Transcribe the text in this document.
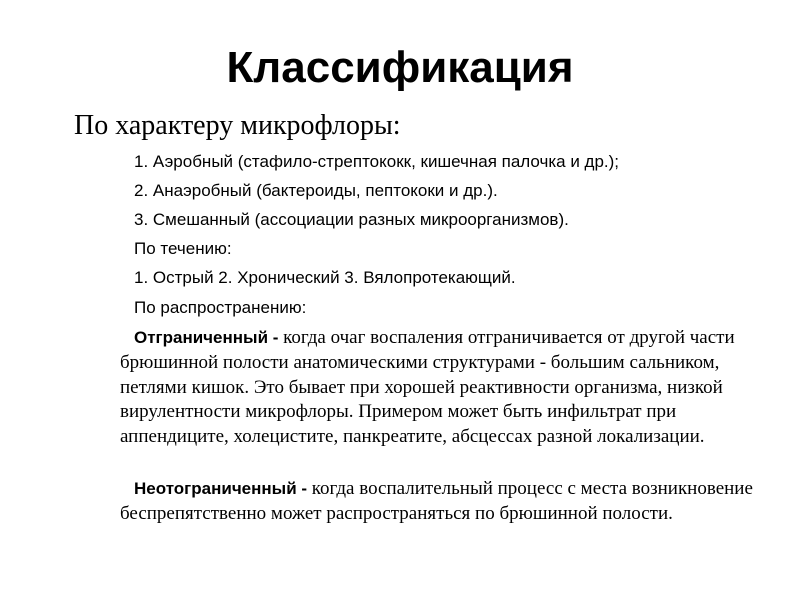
Классификация
По характеру микрофлоры:
1. Аэробный (стафило-стрептококк, кишечная палочка и др.);
2. Анаэробный (бактероиды, пептококи и др.).
3. Смешанный (ассоциации разных микроорганизмов).
По течению:
1. Острый 2. Хронический 3. Вялопротекающий.
По распространению:
Отграниченный - когда очаг воспаления отграничивается от другой части брюшинной полости анатомическими структурами - большим сальником, петлями кишок. Это бывает при хорошей реактивности организма, низкой вирулентности микрофлоры. Примером может быть инфильтрат при аппендиците, холецистите, панкреатите, абсцессах разной локализации.
Неотограниченный - когда воспалительный процесс с места возникновение беспрепятственно может распространяться по брюшинной полости.
